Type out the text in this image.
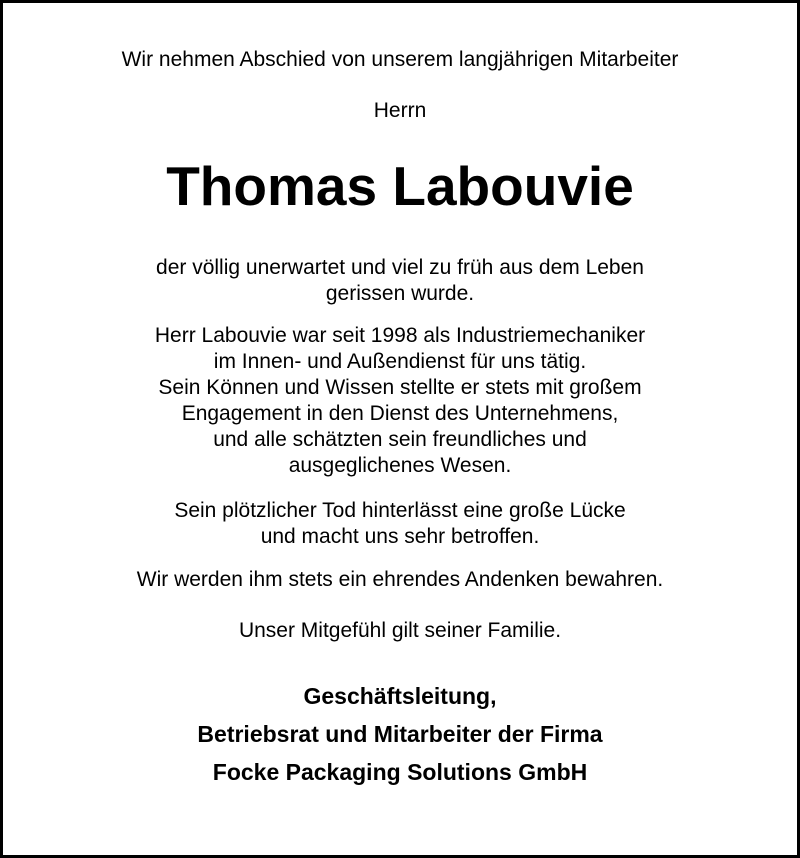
Wir nehmen Abschied von unserem langjährigen Mitarbeiter

Herrn

Thomas Labouvie

der völlig unerwartet und viel zu früh aus dem Leben

gerissen wurde.

Herr Labouvie war seit 1998 als Industriemechaniker

im Innen- und Außendienst für uns tätig.

Sein Können und Wissen stellte er stets mit großem

Engagement in den Dienst des Unternehmens,

und alle schätzten sein freundliches und

ausgeglichenes Wesen.

Sein plötzlicher Tod hinterlässt eine große Lücke

und macht uns sehr betroffen.

Wir werden ihm stets ein ehrendes Andenken bewahren.

Unser Mitgefühl gilt seiner Familie.

Geschäftsleitung,

Betriebsrat und Mitarbeiter der Firma

Focke Packaging Solutions GmbH
